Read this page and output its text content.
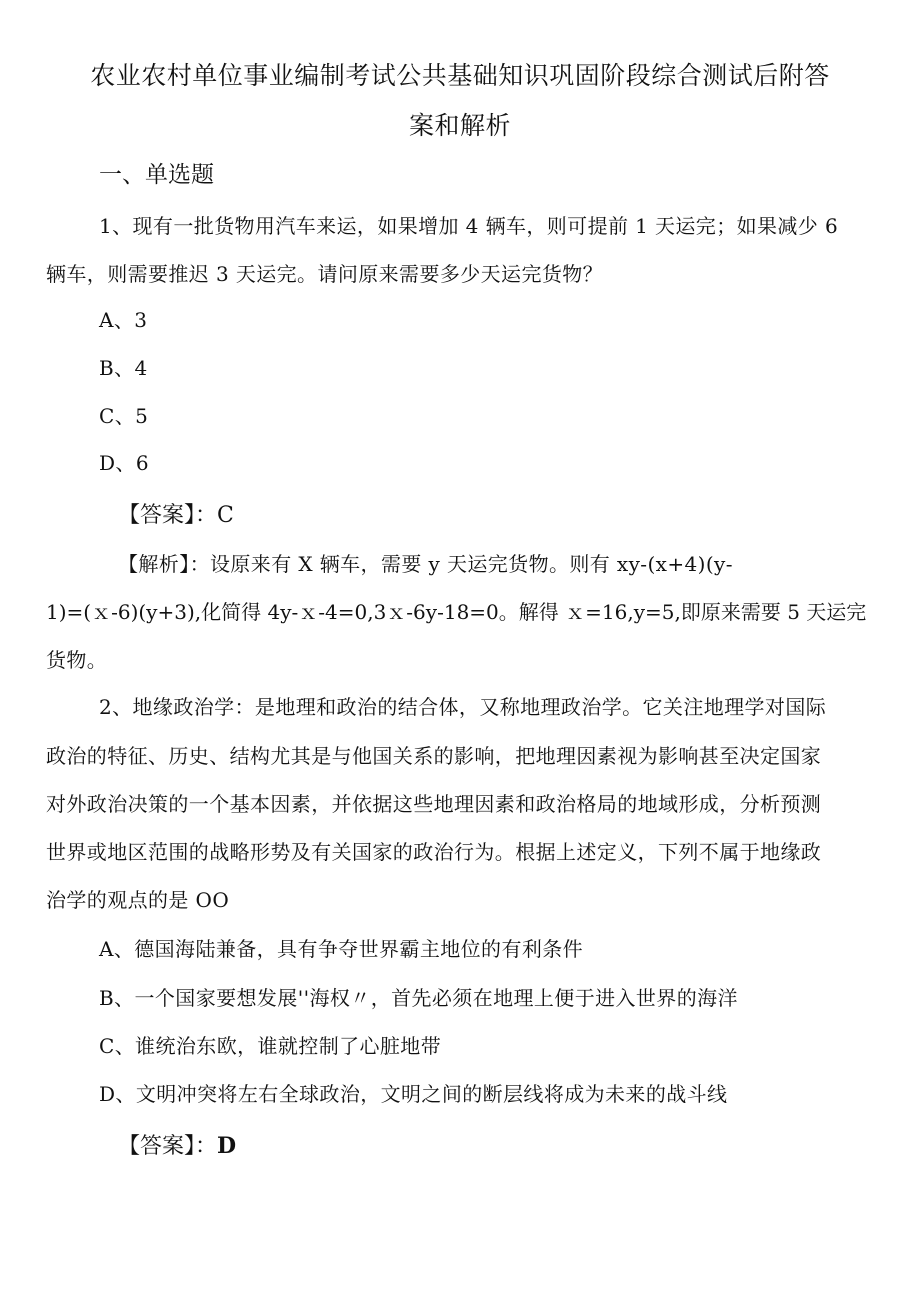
农业农村单位事业编制考试公共基础知识巩固阶段综合测试后附答
案和解析
一、单选题
1、现有一批货物用汽车来运，如果增加 4 辆车，则可提前 1 天运完；如果减少 6
辆车，则需要推迟 3 天运完。请问原来需要多少天运完货物？
A、3
B、4
C、5
D、6
【答案】：C
【解析】：设原来有 X 辆车，需要 y 天运完货物。则有 xy-(x+4)(y-
1)=(ｘ-6)(y+3),化简得 4y-ｘ-4=0,3ｘ-6y-18=0。解得 ｘ=16,y=5,即原来需要 5 天运完
货物。
2、地缘政治学：是地理和政治的结合体，又称地理政治学。它关注地理学对国际
政治的特征、历史、结构尤其是与他国关系的影响，把地理因素视为影响甚至决定国家
对外政治决策的一个基本因素，并依据这些地理因素和政治格局的地域形成，分析预测
世界或地区范围的战略形势及有关国家的政治行为。根据上述定义，下列不属于地缘政
治学的观点的是 OO
A、德国海陆兼备，具有争夺世界霸主地位的有利条件
B、一个国家要想发展''海权〃，首先必须在地理上便于进入世界的海洋
C、谁统治东欧，谁就控制了心脏地带
D、文明冲突将左右全球政治，文明之间的断层线将成为未来的战斗线
【答案】：D
